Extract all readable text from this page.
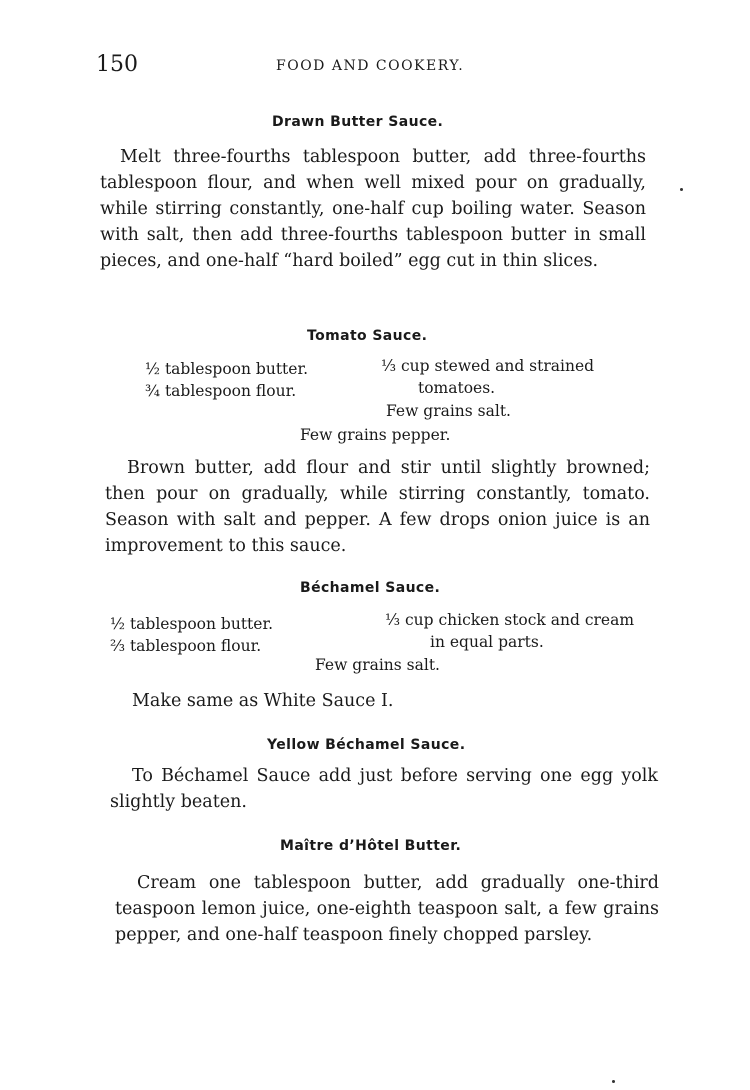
150	FOOD AND COOKERY.
Drawn Butter Sauce.

Melt three-fourths tablespoon butter, add three-fourths tablespoon flour, and when well mixed pour on gradually, while stirring constantly, one-half cup boiling water. Season with salt, then add three-fourths tablespoon butter in small pieces, and one-half “hard boiled” egg cut in thin slices.

Tomato Sauce.
½ tablespoon butter.
¾ tablespoon flour.
⅓ cup stewed and strained
tomatoes.
Few grains salt.
Few grains pepper.

Brown butter, add flour and stir until slightly browned; then pour on gradually, while stirring constantly, tomato. Season with salt and pepper. A few drops onion juice is an improvement to this sauce.

Béchamel Sauce.
½ tablespoon butter.
⅔ tablespoon flour.
⅓ cup chicken stock and cream
in equal parts.
Few grains salt.

Make same as White Sauce I.

Yellow Béchamel Sauce.

To Béchamel Sauce add just before serving one egg yolk slightly beaten.

Maître d’Hôtel Butter.

Cream one tablespoon butter, add gradually one-third teaspoon lemon juice, one-eighth teaspoon salt, a few grains pepper, and one-half teaspoon finely chopped parsley.
